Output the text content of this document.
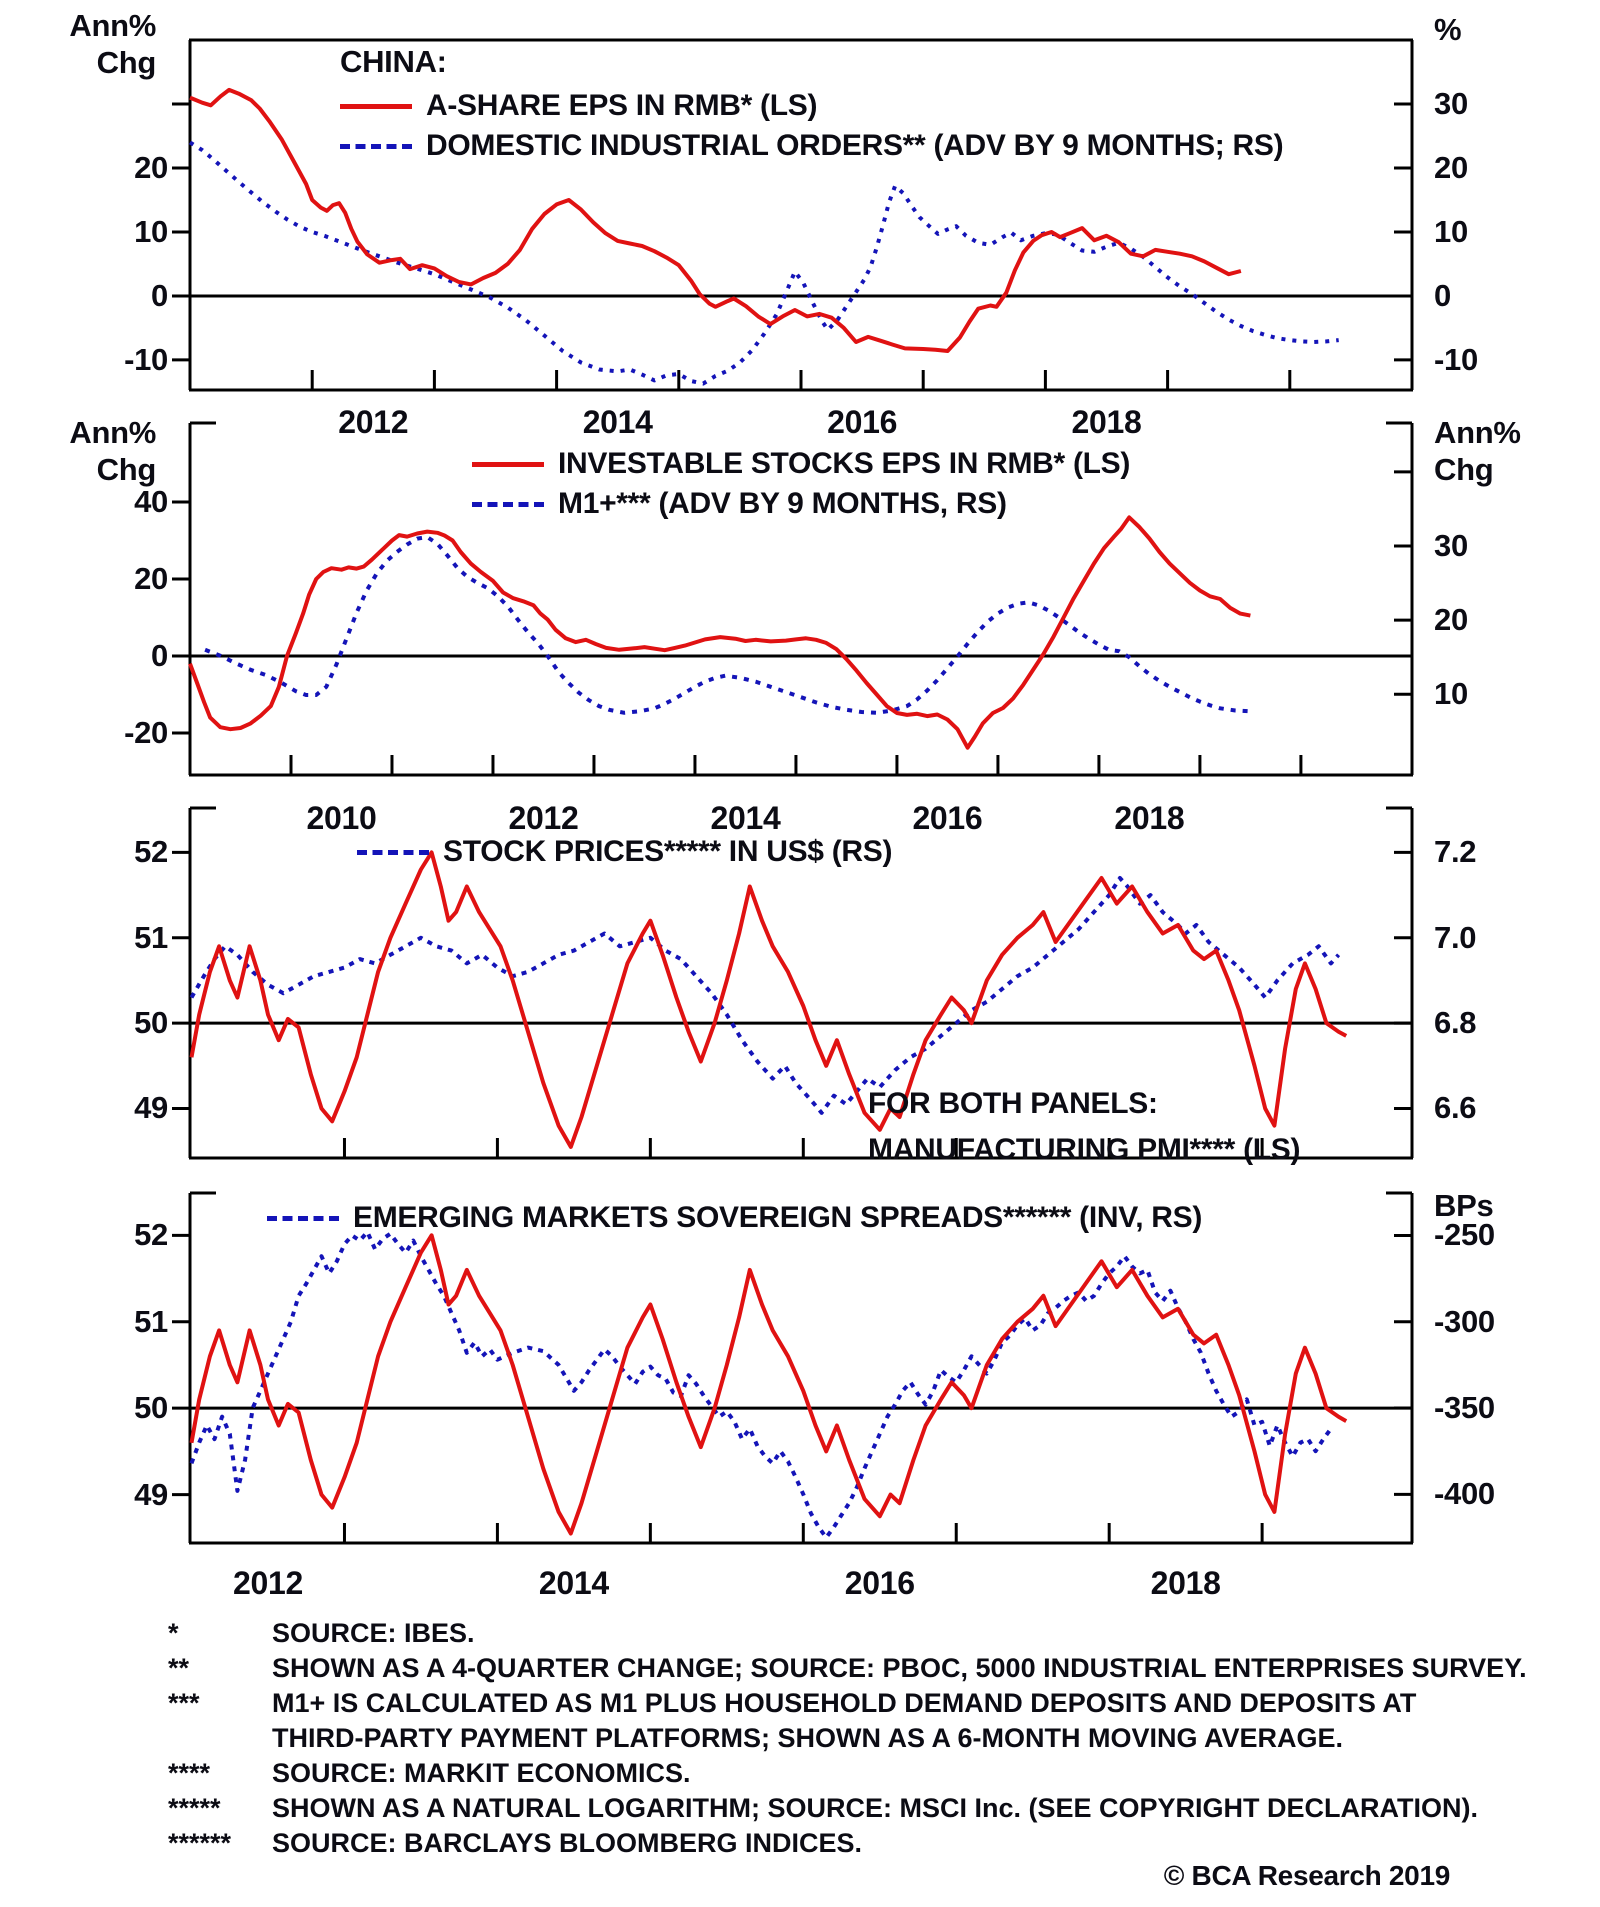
2012	2014	2016	2018
20
10
0
-10
30
20
10
0
-10
Ann%
Chg
%
2010	2012	2014	2016	2018
40
20
0
-20
30
20
10
Ann%
Chg
Ann%
Chg
52
51
50
49
7.2
7.0
6.8
6.6
2012	2014	2016	2018
52
51
50
49
-250
-300
-350
-400
BPs
CHINA:
A-SHARE EPS IN RMB* (LS)
DOMESTIC INDUSTRIAL ORDERS** (ADV BY 9 MONTHS; RS)
INVESTABLE STOCKS EPS IN RMB* (LS)
M1+*** (ADV BY 9 MONTHS, RS)
STOCK PRICES***** IN US$ (RS)
EMERGING MARKETS SOVEREIGN SPREADS****** (INV, RS)
FOR BOTH PANELS:
MANUFACTURING PMI**** (LS)
*	SOURCE: IBES.
**	SHOWN AS A 4-QUARTER CHANGE; SOURCE: PBOC, 5000 INDUSTRIAL ENTERPRISES SURVEY.
***	M1+ IS CALCULATED AS M1 PLUS HOUSEHOLD DEMAND DEPOSITS AND DEPOSITS AT
THIRD-PARTY PAYMENT PLATFORMS; SHOWN AS A 6-MONTH MOVING AVERAGE.
****	SOURCE: MARKIT ECONOMICS.
*****	SHOWN AS A NATURAL LOGARITHM; SOURCE: MSCI Inc. (SEE COPYRIGHT DECLARATION).
******	SOURCE: BARCLAYS BLOOMBERG INDICES.
© BCA Research 2019
